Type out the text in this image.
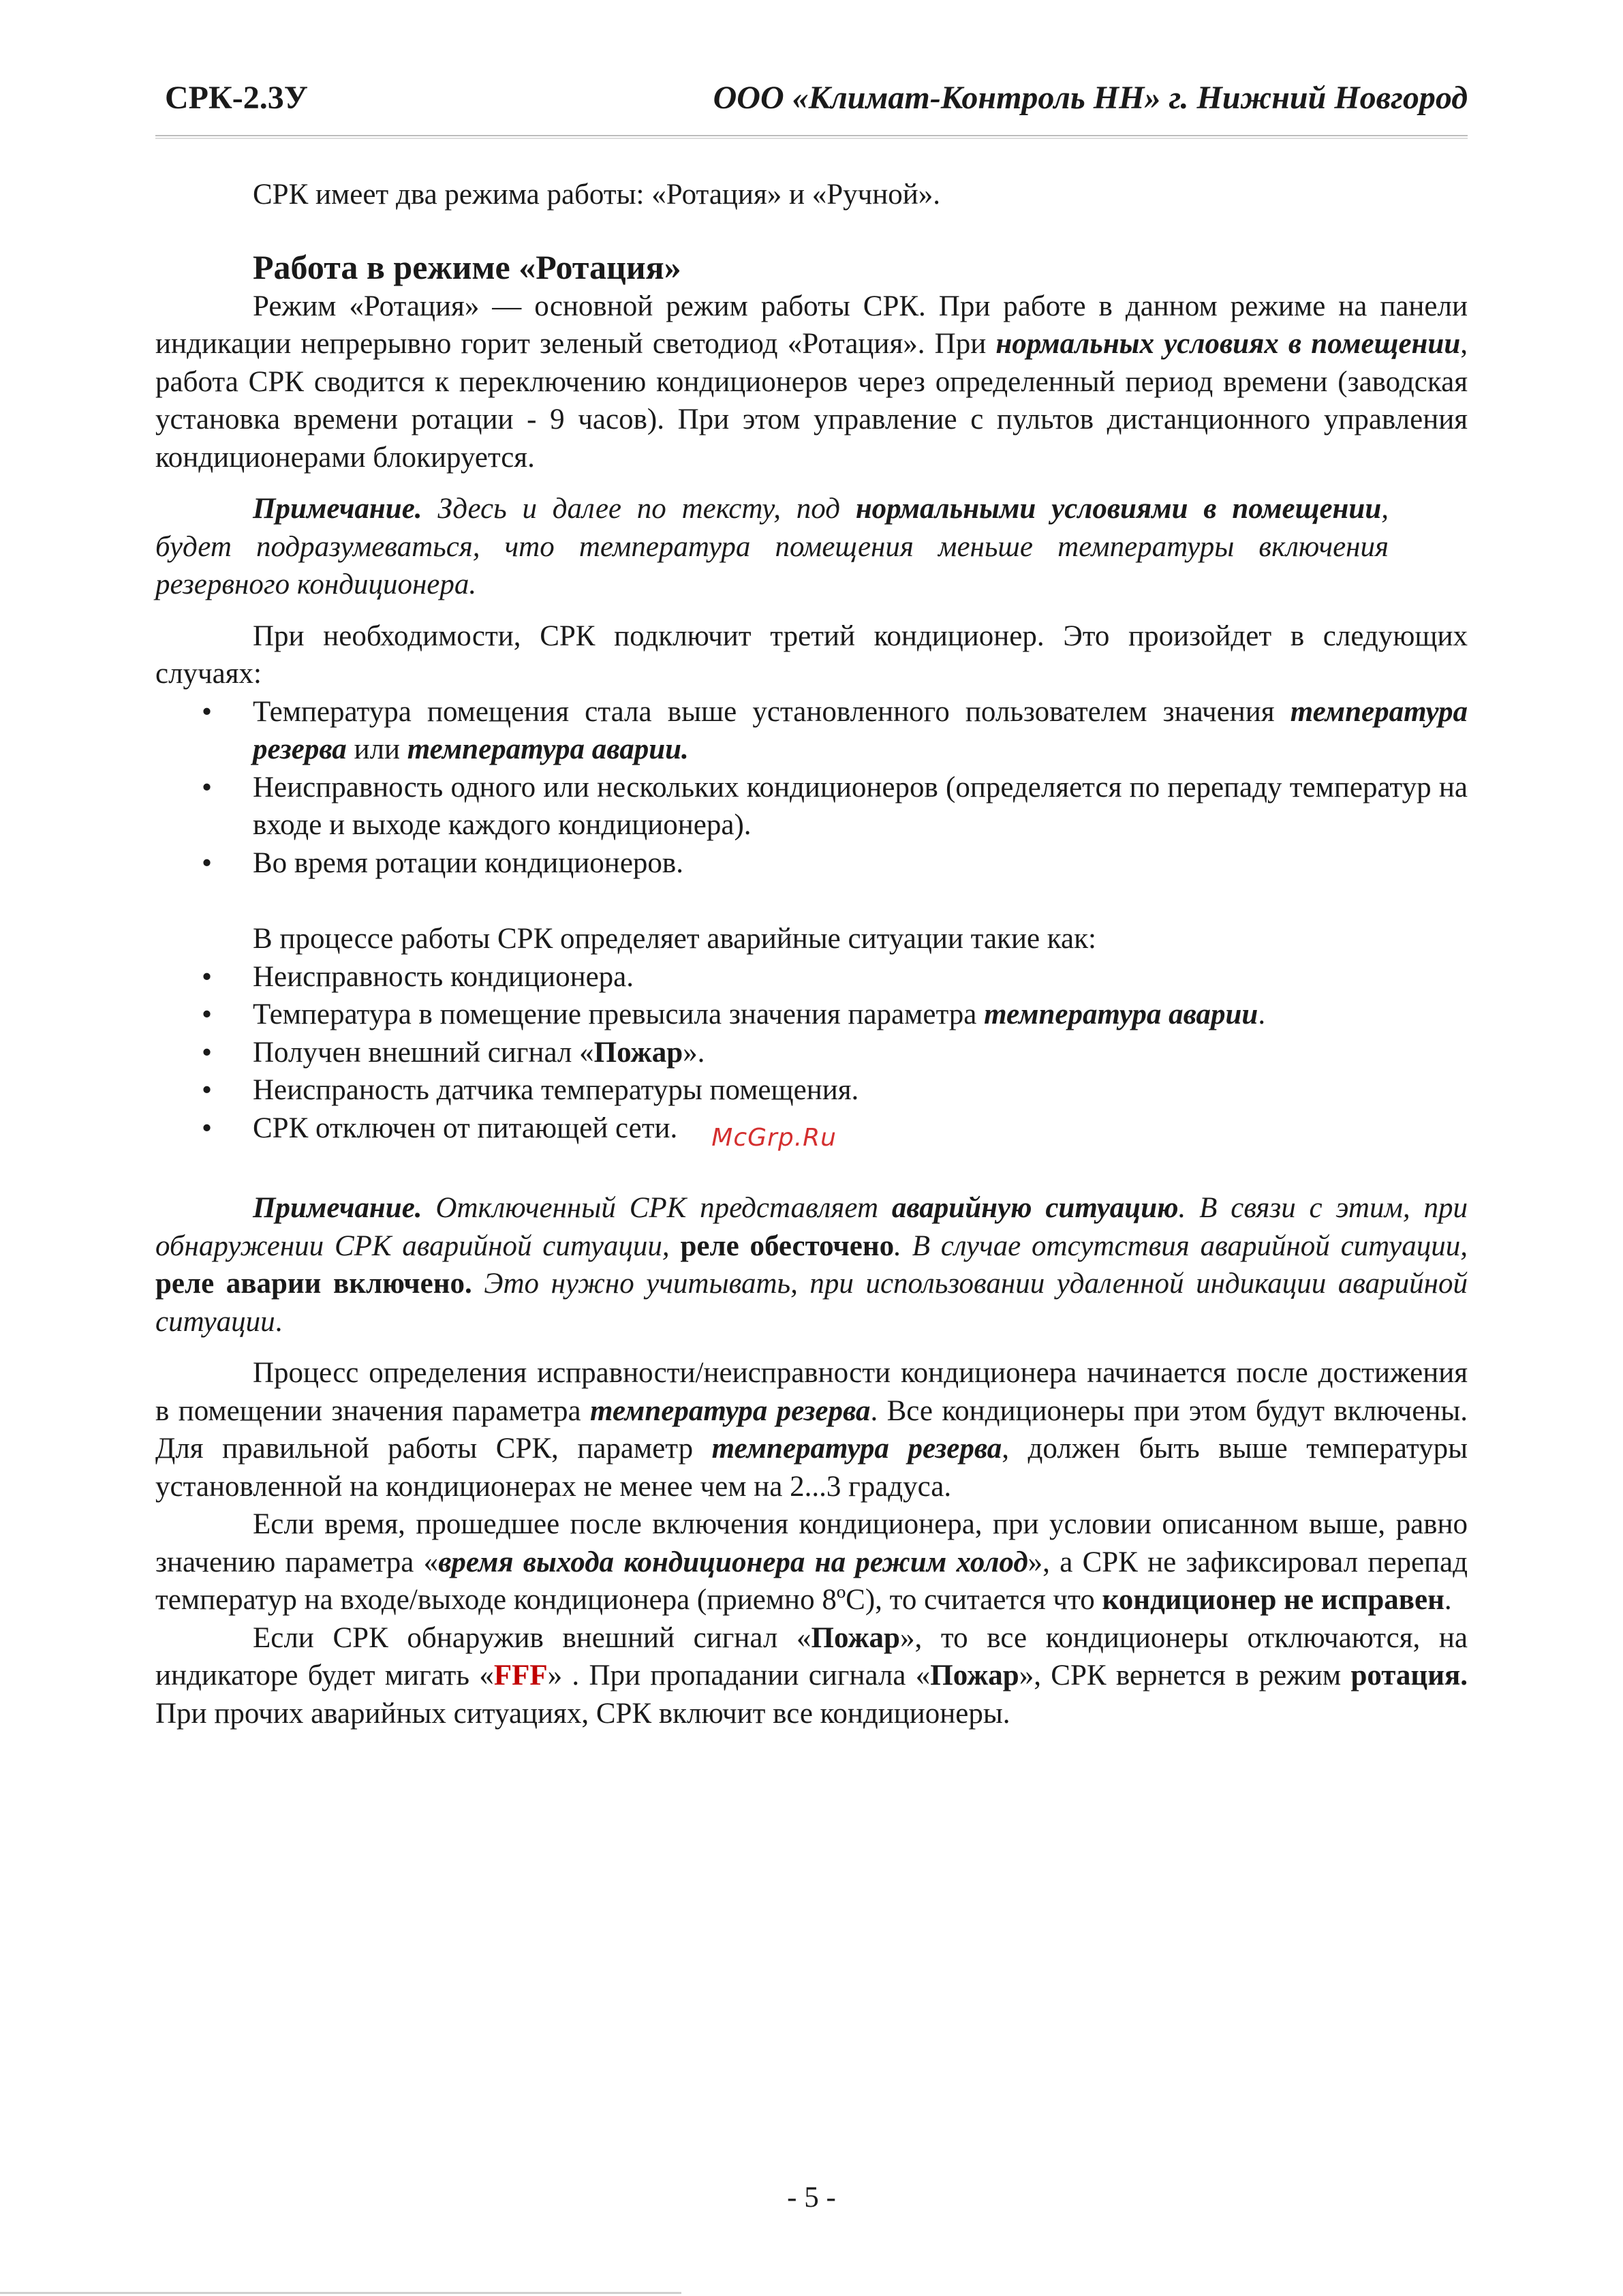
СРК-2.3У	ООО «Климат-Контроль НН» г. Нижний Новгород

СРК имеет два режима работы: «Ротация» и «Ручной».

Работа в режиме «Ротация»

Режим «Ротация» — основной режим работы СРК. При работе в данном режиме на панели индикации непрерывно горит зеленый светодиод «Ротация». При нормальных условиях в помещении, работа СРК сводится к переключению кондиционеров через определенный период времени (заводская установка времени ротации - 9 часов). При этом управление с пультов дистанционного управления кондиционерами блокируется.

Примечание. Здесь и далее по тексту, под нормальными условиями в помещении, будет подразумеваться, что температура помещения меньше температуры включения резервного кондиционера.

При необходимости, СРК подключит третий кондиционер. Это произойдет в следующих случаях:

• Температура помещения стала выше установленного пользователем значения температура резерва или температура аварии.
• Неисправность одного или нескольких кондиционеров (определяется по перепаду температур на входе и выходе каждого кондиционера).
• Во время ротации кондиционеров.

В процессе работы СРК определяет аварийные ситуации такие как:

• Неисправность кондиционера.
• Температура в помещение превысила значения параметра температура аварии.
• Получен внешний сигнал «Пожар».
• Неиспраность датчика температуры помещения.
• СРК отключен от питающей сети. McGrp.Ru

Примечание. Отключенный СРК представляет аварийную ситуацию. В связи с этим, при обнаружении СРК аварийной ситуации, реле обесточено. В случае отсутствия аварийной ситуации, реле аварии включено. Это нужно учитывать, при использовании удаленной индикации аварийной ситуации.

Процесс определения исправности/неисправности кондиционера начинается после достижения в помещении значения параметра температура резерва. Все кондиционеры при этом будут включены. Для правильной работы СРК, параметр температура резерва, должен быть выше температуры установленной на кондиционерах не менее чем на 2...3 градуса.

Если время, прошедшее после включения кондиционера, при условии описанном выше, равно значению параметра «время выхода кондиционера на режим холод», а СРК не зафиксировал перепад температур на входе/выходе кондиционера (приемно 8ºС), то считается что кондиционер не исправен.

Если СРК обнаружив внешний сигнал «Пожар», то все кондиционеры отключаются, на индикаторе будет мигать «FFF» . При пропадании сигнала «Пожар», СРК вернется в режим ротация. При прочих аварийных ситуациях, СРК включит все кондиционеры.

- 5 -
